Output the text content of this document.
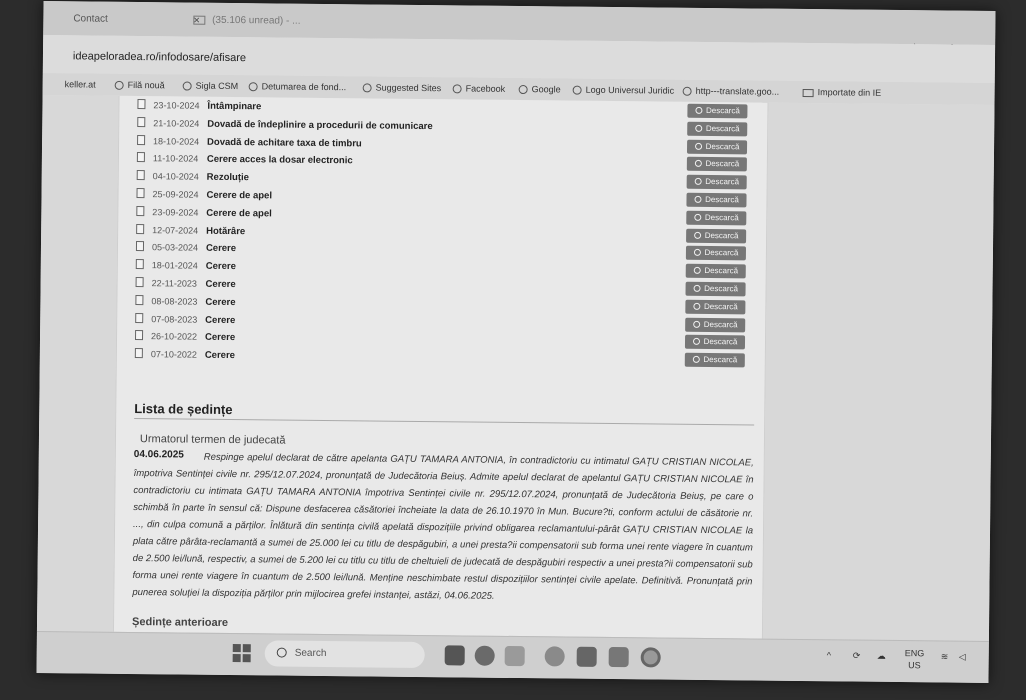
Contact	×	(35.106 unread) - ...
ideapeloradea.ro/infodosare/afisare
keller.at	Filă nouă	Sigla CSM	Detumarea de fond...	Suggested Sites	Facebook	Google	Logo Universul Juridic	http---translate.goo...	Importate din IE
23-10-2024 Întâmpinare	Descarcă
21-10-2024 Dovadă de îndeplinire a procedurii de comunicare	Descarcă
18-10-2024 Dovadă de achitare taxa de timbru	Descarcă
11-10-2024 Cerere acces la dosar electronic	Descarcă
04-10-2024 Rezoluție	Descarcă
25-09-2024 Cerere de apel	Descarcă
23-09-2024 Cerere de apel	Descarcă
12-07-2024 Hotărâre	Descarcă
05-03-2024 Cerere	Descarcă
18-01-2024 Cerere	Descarcă
22-11-2023 Cerere	Descarcă
08-08-2023 Cerere	Descarcă
07-08-2023 Cerere	Descarcă
26-10-2022 Cerere	Descarcă
07-10-2022 Cerere	Descarcă
Lista de ședințe
Urmatorul termen de judecată
Respinge apelul declarat de către apelanta GAȚU TAMARA ANTONIA, în contradictoriu cu intimatul GAȚU CRISTIAN NICOLAE, împotriva Sentinței civile nr. 295/12.07.2024, pronunțată de Judecătoria Beiuș. Admite apelul declarat de apelantul GAȚU CRISTIAN NICOLAE în contradictoriu cu intimata GAȚU TAMARA ANTONIA împotriva Sentinței civile nr. 295/12.07.2024, pronunțată de Judecătoria Beiuș, pe care o schimbă în parte în sensul că: Dispune desfacerea căsătoriei încheiate la data de 26.10.1970 în Mun. Bucure?ti, conform actului de căsătorie nr. ..., din culpa comună a părților. Înlătură din sentința civilă apelată dispozițiile privind obligarea reclamantului-pârât GAȚU CRISTIAN NICOLAE la plata către pârâta-reclamantă a sumei de 25.000 lei cu titlu de despăgubiri, a unei presta?ii compensatorii sub forma unei rente viagere în cuantum de 2.500 lei/lună, respectiv, a sumei de 5.200 lei cu titlu cu titlu de cheltuieli de judecată de despăgubiri respectiv a unei presta?ii compensatorii sub forma unei rente viagere în cuantum de 2.500 lei/lună. Menține neschimbate restul dispozițiilor sentinței civile apelate. Definitivă. Pronunțată prin punerea soluției la dispoziția părților prin mijlocirea grefei instanței, astăzi, 04.06.2025.
04.06.2025
Ședințe anterioare
Search	^ ⟳ ☁ ENG
US
≋ ◁
